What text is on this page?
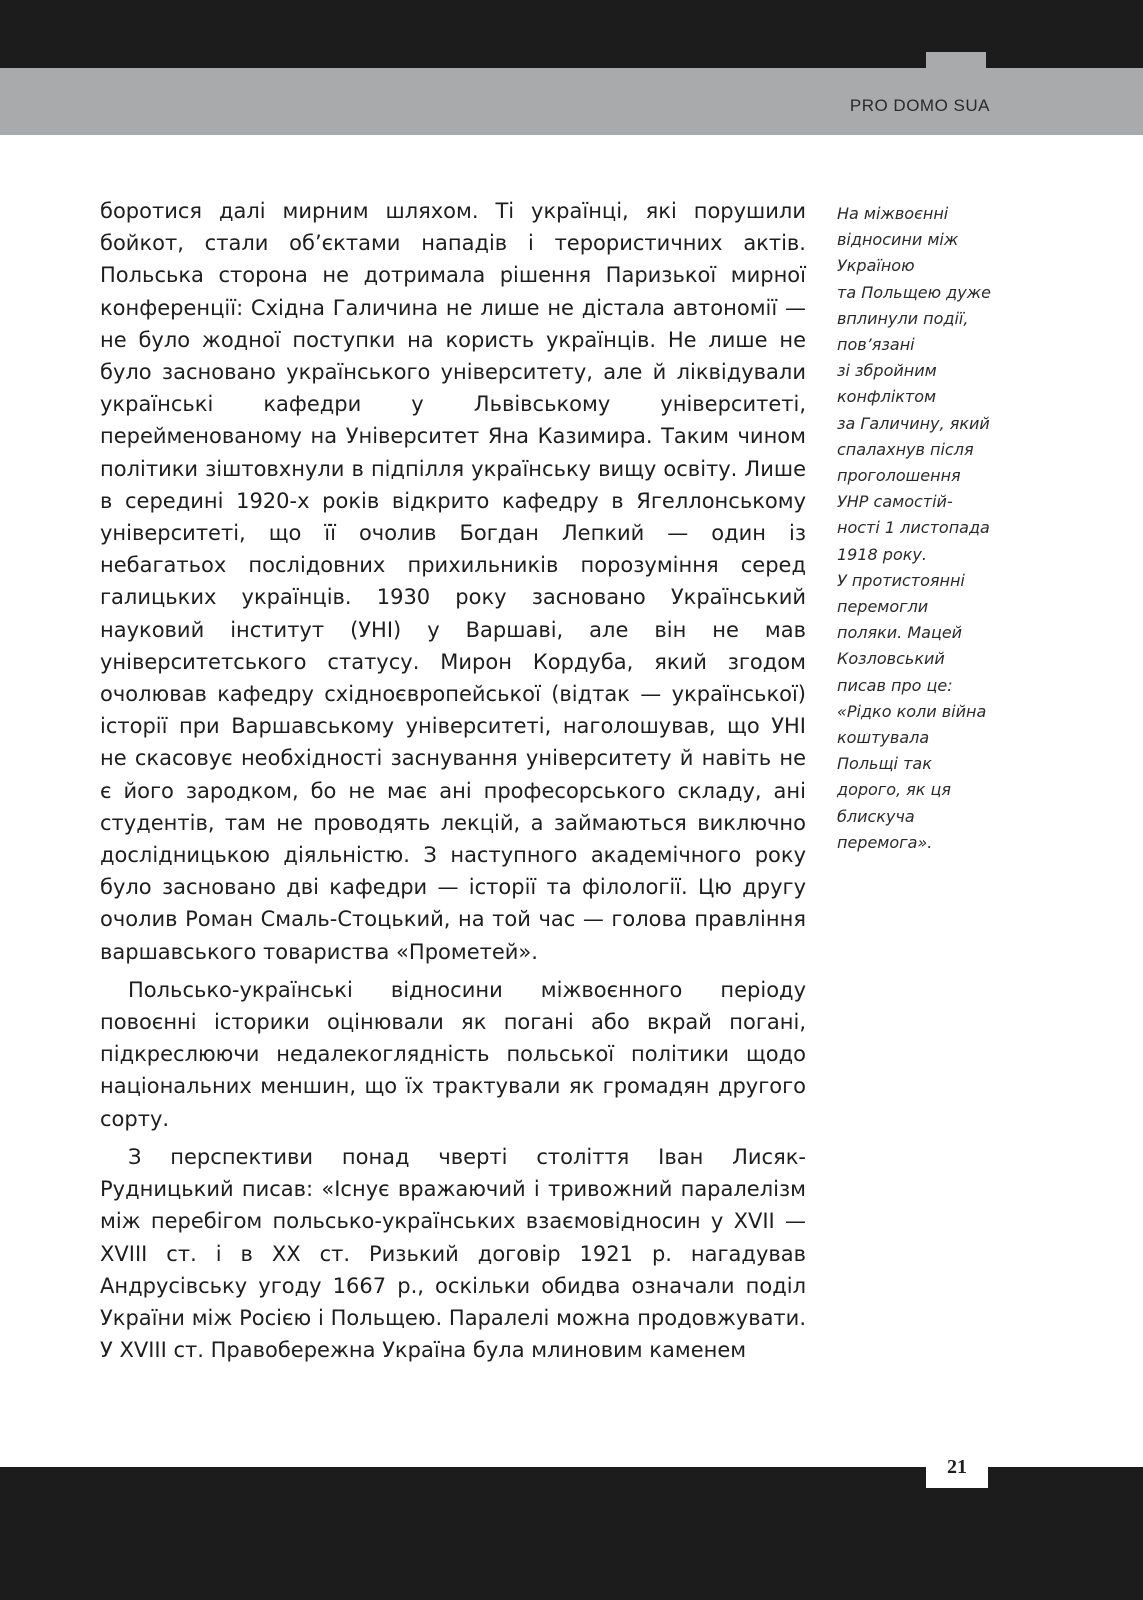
PRO DOMO SUA

боротися далі мирним шляхом. Ті українці, які порушили бойкот, стали об’єктами нападів і терористичних актів. Польська сторона не дотримала рішення Паризької мирної конференції: Східна Галичина не лише не дістала автономії — не було жодної поступки на користь українців. Не лише не було засновано українського університету, але й ліквідували українські кафедри у Львівському університеті, перейменованому на Університет Яна Казимира. Таким чином політики зіштовхнули в підпілля українську вищу освіту. Лише в середині 1920-х років відкрито кафедру в Ягеллонському університеті, що її очолив Богдан Лепкий — один із небагатьох послідовних прихильників порозуміння серед галицьких українців. 1930 року засновано Український науковий інститут (УНІ) у Варшаві, але він не мав університетського статусу. Мирон Кордуба, який згодом очолював кафедру східноєвропейської (відтак — української) історії при Варшавському університеті, наголошував, що УНІ не скасовує необхідності заснування університету й навіть не є його зародком, бо не має ані професорського складу, ані студентів, там не проводять лекцій, а займаються виключно дослідницькою діяльністю. З наступного академічного року було засновано дві кафедри — історії та філології. Цю другу очолив Роман Смаль-Стоцький, на той час — голова правління варшавського товариства «Прометей».

Польсько-українські відносини міжвоєнного періоду повоєнні історики оцінювали як погані або вкрай погані, підкреслюючи недалекоглядність польської політики щодо національних меншин, що їх трактували як громадян другого сорту.

З перспективи понад чверті століття Іван Лисяк-Рудницький писав: «Існує вражаючий і тривожний паралелізм між перебігом польсько-українських взаємовідносин у XVII — XVIII ст. і в XX ст. Ризький договір 1921 р. нагадував Андрусівську угоду 1667 р., оскільки обидва означали поділ України між Росією і Польщею. Паралелі можна продовжувати. У XVIII ст. Правобережна Україна була млиновим каменем

На міжвоєнні
відносини між
Україною
та Польщею дуже
вплинули події,
пов’язані
зі збройним
конфліктом
за Галичину, який
спалахнув після
проголошення
УНР самостій-
ності 1 листопада
1918 року.
У протистоянні
перемогли
поляки. Мацей
Козловський
писав про це:
«Рідко коли війна
коштувала
Польщі так
дорого, як ця
блискуча
перемога».
21
